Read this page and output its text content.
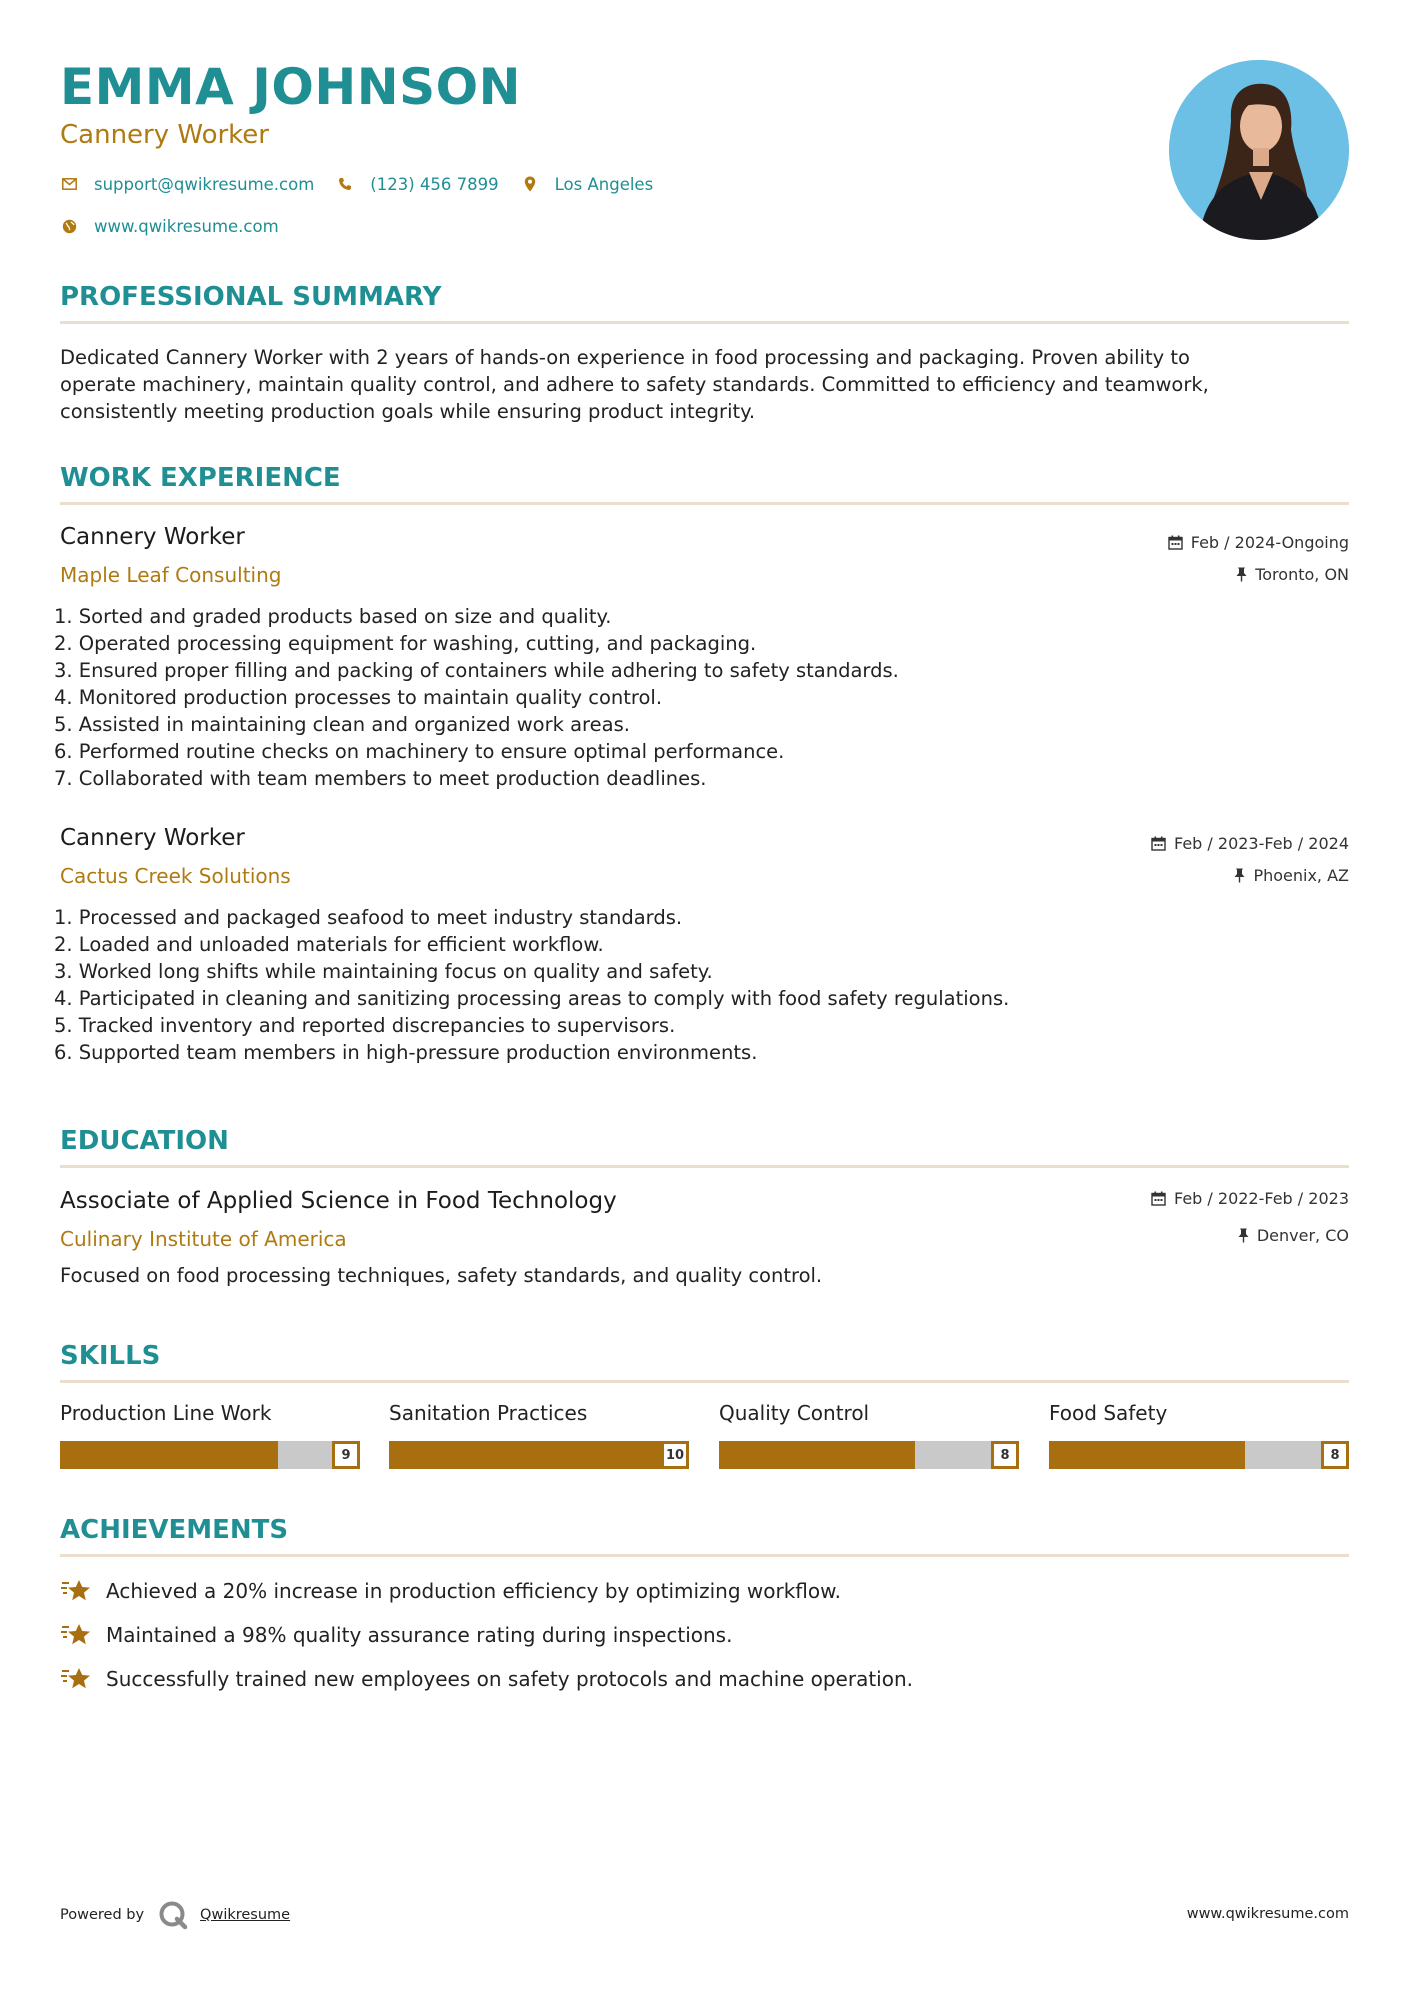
EMMA JOHNSON
Cannery Worker
support@qwikresume.com	(123) 456 7899	Los Angeles
www.qwikresume.com
PROFESSIONAL SUMMARY
Dedicated Cannery Worker with 2 years of hands-on experience in food processing and packaging. Proven ability to
operate machinery, maintain quality control, and adhere to safety standards. Committed to efficiency and teamwork,
consistently meeting production goals while ensuring product integrity.
WORK EXPERIENCE
Cannery Worker
Maple Leaf Consulting
Feb / 2024-Ongoing
Toronto, ON
1. Sorted and graded products based on size and quality.
2. Operated processing equipment for washing, cutting, and packaging.
3. Ensured proper filling and packing of containers while adhering to safety standards.
4. Monitored production processes to maintain quality control.
5. Assisted in maintaining clean and organized work areas.
6. Performed routine checks on machinery to ensure optimal performance.
7. Collaborated with team members to meet production deadlines.
Cannery Worker
Cactus Creek Solutions
Feb / 2023-Feb / 2024
Phoenix, AZ
1. Processed and packaged seafood to meet industry standards.
2. Loaded and unloaded materials for efficient workflow.
3. Worked long shifts while maintaining focus on quality and safety.
4. Participated in cleaning and sanitizing processing areas to comply with food safety regulations.
5. Tracked inventory and reported discrepancies to supervisors.
6. Supported team members in high-pressure production environments.
EDUCATION
Associate of Applied Science in Food Technology
Culinary Institute of America
Feb / 2022-Feb / 2023
Denver, CO
Focused on food processing techniques, safety standards, and quality control.
SKILLS
Production Line Work
9
Sanitation Practices
10
Quality Control
8
Food Safety
8
ACHIEVEMENTS
Achieved a 20% increase in production efficiency by optimizing workflow.
Maintained a 98% quality assurance rating during inspections.
Successfully trained new employees on safety protocols and machine operation.
Powered by	Qwikresume	www.qwikresume.com
